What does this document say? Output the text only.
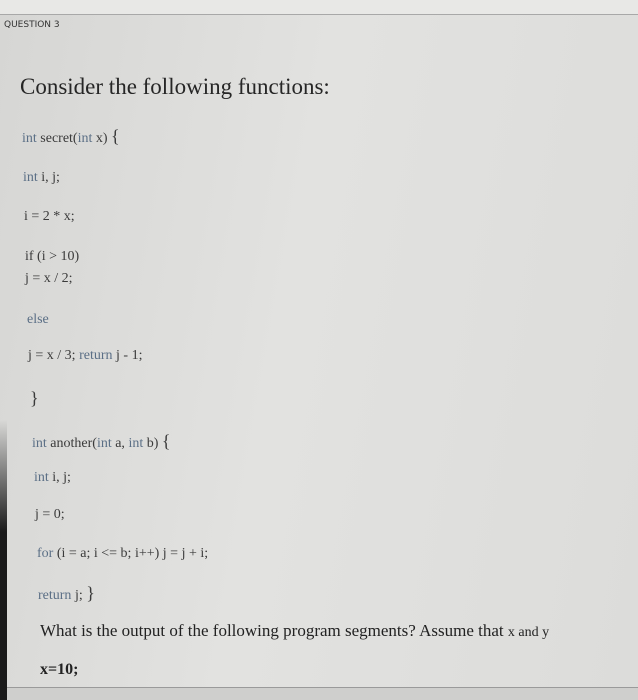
QUESTION 3
Consider the following functions:
int secret(int x) {
int i, j;
i = 2 * x;
if (i > 10)
j = x / 2;
else
j = x / 3; return j - 1;
}
int another(int a, int b) {
int i, j;
j = 0;
for (i = a; i <= b; i++) j = j + i;
return j; }
What is the output of the following program segments? Assume that x and y
x=10;
